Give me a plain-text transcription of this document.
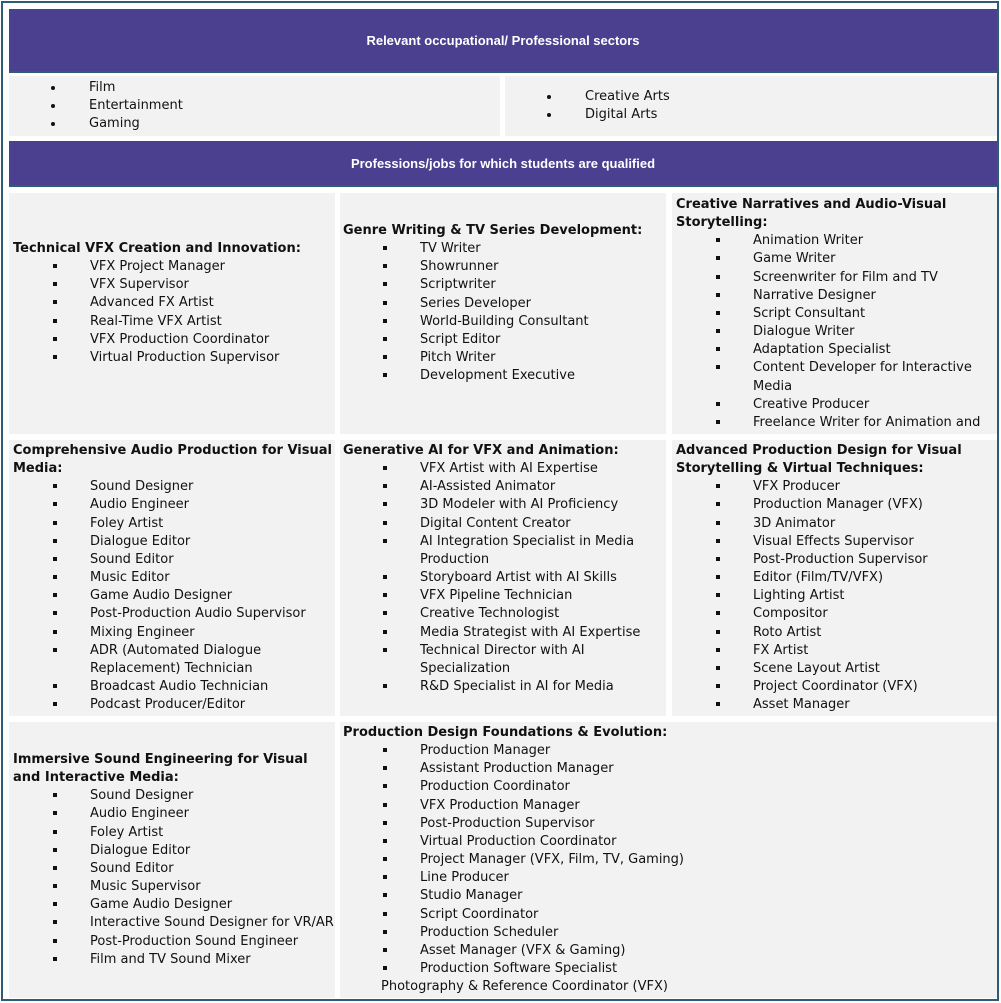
Relevant occupational/ Professional sectors
Film
Entertainment
Gaming
Creative Arts
Digital Arts
Professions/jobs for which students are qualified
Technical VFX Creation and Innovation:
VFX Project Manager
VFX Supervisor
Advanced FX Artist
Real-Time VFX Artist
VFX Production Coordinator
Virtual Production Supervisor
Genre Writing & TV Series Development:
TV Writer
Showrunner
Scriptwriter
Series Developer
World-Building Consultant
Script Editor
Pitch Writer
Development Executive
Creative Narratives and Audio-Visual Storytelling:
Animation Writer
Game Writer
Screenwriter for Film and TV
Narrative Designer
Script Consultant
Dialogue Writer
Adaptation Specialist
Content Developer for Interactive Media
Creative Producer
Freelance Writer for Animation and
Comprehensive Audio Production for Visual Media:
Sound Designer
Audio Engineer
Foley Artist
Dialogue Editor
Sound Editor
Music Editor
Game Audio Designer
Post-Production Audio Supervisor
Mixing Engineer
ADR (Automated Dialogue Replacement) Technician
Broadcast Audio Technician
Podcast Producer/Editor
Generative AI for VFX and Animation:
VFX Artist with AI Expertise
AI-Assisted Animator
3D Modeler with AI Proficiency
Digital Content Creator
AI Integration Specialist in Media Production
Storyboard Artist with AI Skills
VFX Pipeline Technician
Creative Technologist
Media Strategist with AI Expertise
Technical Director with AI Specialization
R&D Specialist in AI for Media
Advanced Production Design for Visual Storytelling & Virtual Techniques:
VFX Producer
Production Manager (VFX)
3D Animator
Visual Effects Supervisor
Post-Production Supervisor
Editor (Film/TV/VFX)
Lighting Artist
Compositor
Roto Artist
FX Artist
Scene Layout Artist
Project Coordinator (VFX)
Asset Manager
Immersive Sound Engineering for Visual and Interactive Media:
Sound Designer
Audio Engineer
Foley Artist
Dialogue Editor
Sound Editor
Music Supervisor
Game Audio Designer
Interactive Sound Designer for VR/AR
Post-Production Sound Engineer
Film and TV Sound Mixer
Production Design Foundations & Evolution:
Production Manager
Assistant Production Manager
Production Coordinator
VFX Production Manager
Post-Production Supervisor
Virtual Production Coordinator
Project Manager (VFX, Film, TV, Gaming)
Line Producer
Studio Manager
Script Coordinator
Production Scheduler
Asset Manager (VFX & Gaming)
Production Software Specialist
Photography & Reference Coordinator (VFX)
